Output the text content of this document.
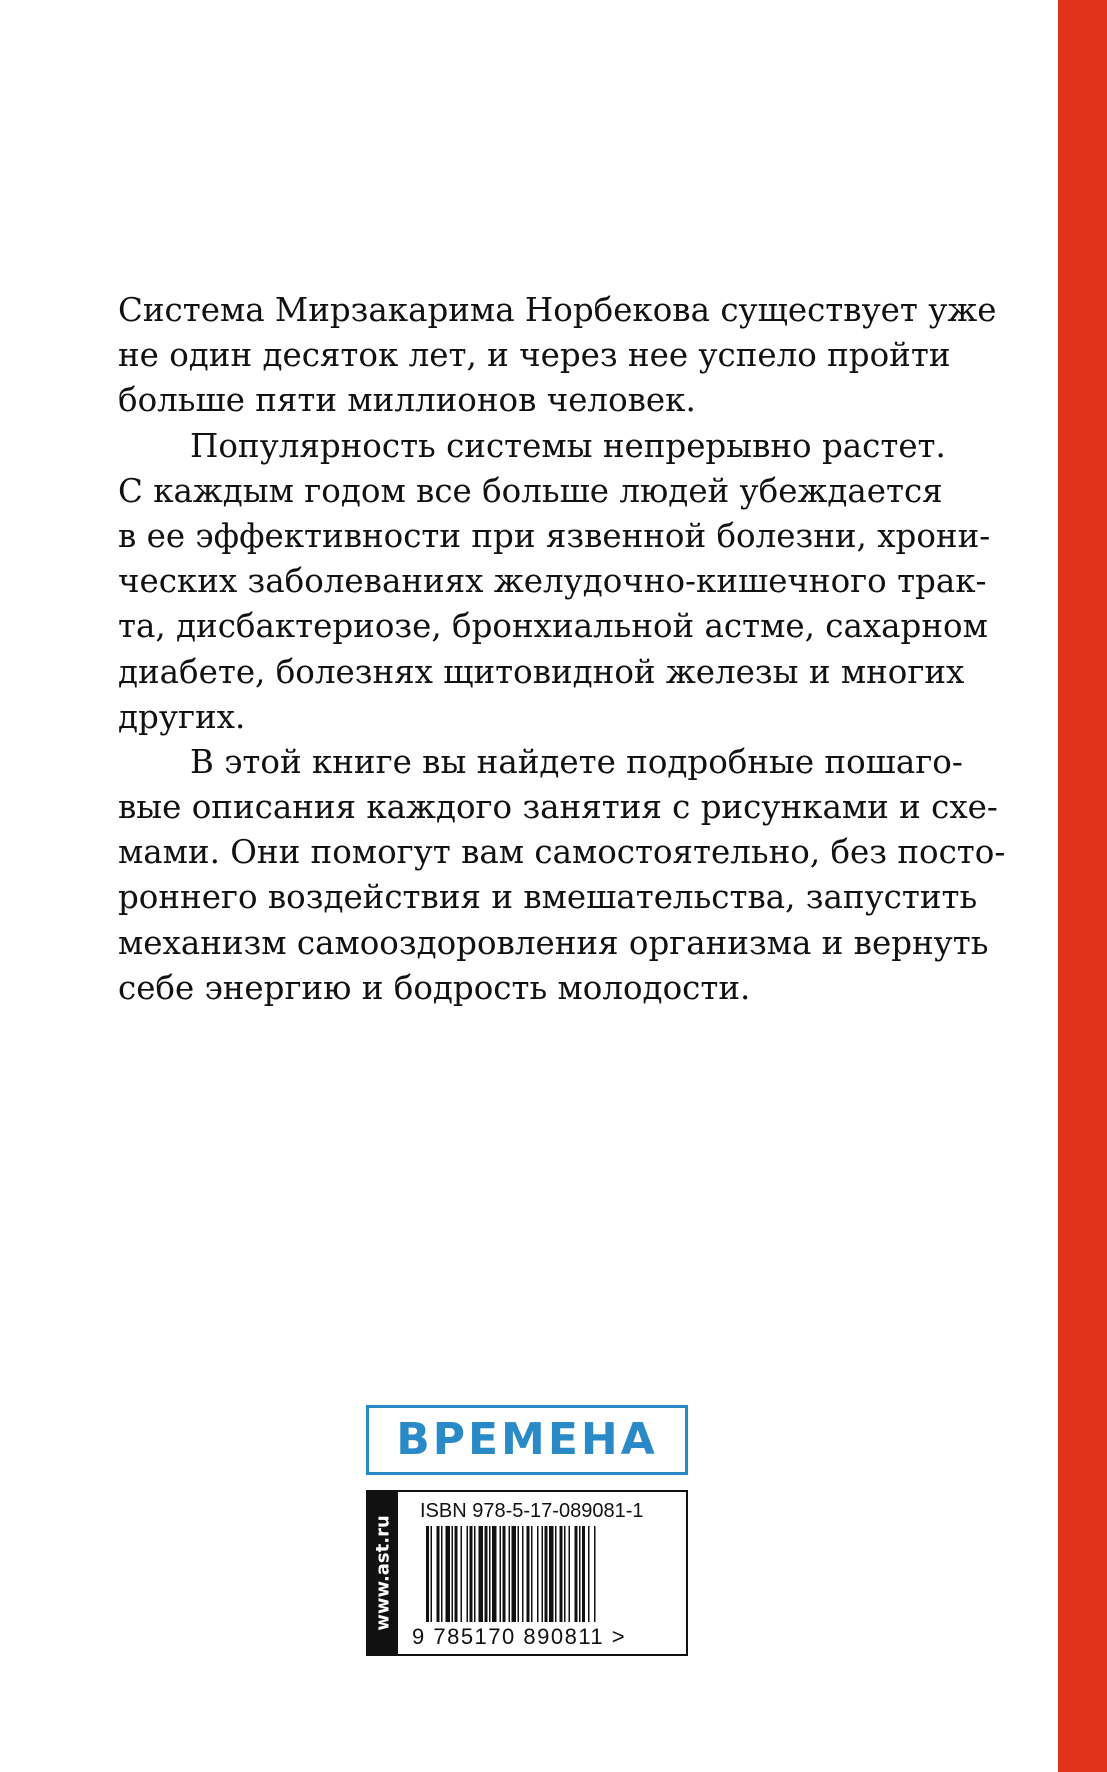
Система Мирзакарима Норбекова существует уже
не один десяток лет, и через нее успело пройти
больше пяти миллионов человек.

Популярность системы непрерывно растет.
С каждым годом все больше людей убеждается
в ее эффективности при язвенной болезни, хрони-
ческих заболеваниях желудочно-кишечного трак-
та, дисбактериозе, бронхиальной астме, сахарном
диабете, болезнях щитовидной железы и многих
других.

В этой книге вы найдете подробные пошаго-
вые описания каждого занятия с рисунками и схе-
мами. Они помогут вам самостоятельно, без посто-
роннего воздействия и вмешательства, запустить
механизм самооздоровления организма и вернуть
себе энергию и бодрость молодости.

ВРЕМЕНА
www.ast.ru
ISBN 978-5-17-089081-1
9 785170 890811 >
